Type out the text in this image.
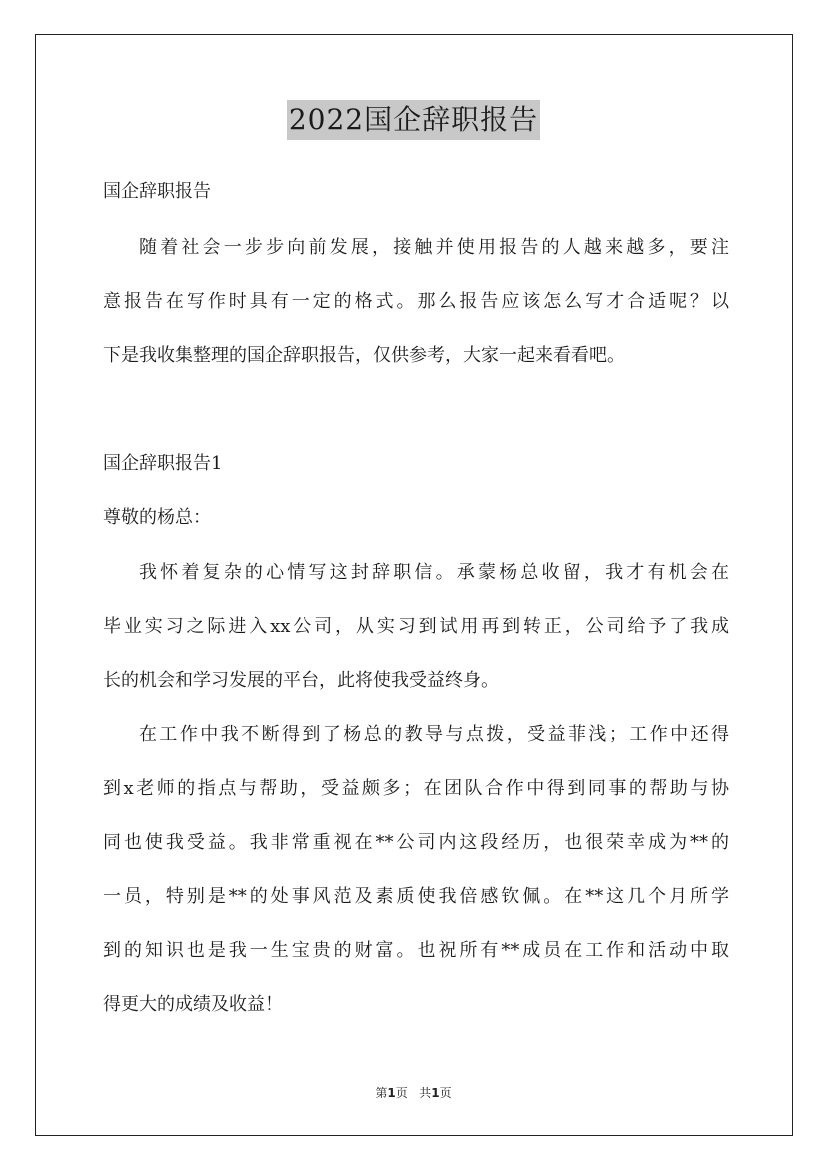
2022国企辞职报告
国企辞职报告
随着社会一步步向前发展，接触并使用报告的人越来越多，要注
意报告在写作时具有一定的格式。那么报告应该怎么写才合适呢？以
下是我收集整理的国企辞职报告，仅供参考，大家一起来看看吧。
国企辞职报告1
尊敬的杨总：
我怀着复杂的心情写这封辞职信。承蒙杨总收留，我才有机会在
毕业实习之际进入xx公司，从实习到试用再到转正，公司给予了我成
长的机会和学习发展的平台，此将使我受益终身。
在工作中我不断得到了杨总的教导与点拨，受益菲浅；工作中还得
到x老师的指点与帮助，受益颇多；在团队合作中得到同事的帮助与协
同也使我受益。我非常重视在**公司内这段经历，也很荣幸成为**的
一员，特别是**的处事风范及素质使我倍感钦佩。在**这几个月所学
到的知识也是我一生宝贵的财富。也祝所有**成员在工作和活动中取
得更大的成绩及收益！
第1页 共1页
